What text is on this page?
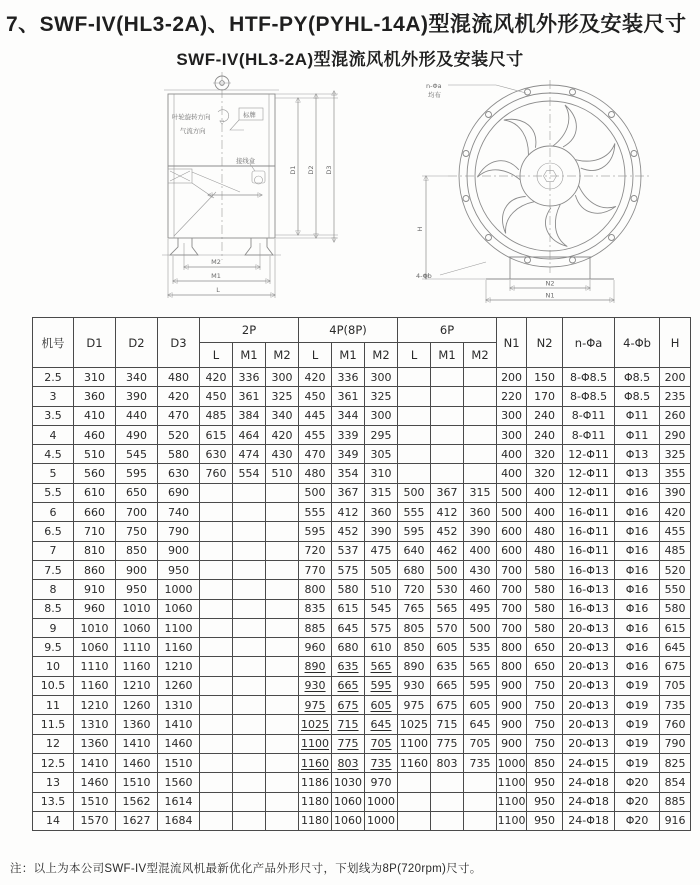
7、SWF-IV(HL3-2A)、HTF-PY(PYHL-14A)型混流风机外形及安装尺寸
SWF-IV(HL3-2A)型混流风机外形及安装尺寸
叶轮旋转方向	标牌
气流方向
接线盒
M2
M1
L
D1 D2 D3
H
N2
N1
n-Φa
均布
4-Φb
机号	D1	D2	D3	2P			4P(8P)			6P			N1	N2	n-Φa	4-Φb	H
				L	M1	M2	L	M1	M2	L	M1	M2					
2.5	310	340	480	420	336	300	420	336	300				200	150	8-Φ8.5	Φ8.5	200
3	360	390	420	450	361	325	450	361	325				220	170	8-Φ8.5	Φ8.5	235
3.5	410	440	470	485	384	340	445	344	300				300	240	8-Φ11	Φ11	260
4	460	490	520	615	464	420	455	339	295				300	240	8-Φ11	Φ11	290
4.5	510	545	580	630	474	430	470	349	305				400	320	12-Φ11	Φ13	325
5	560	595	630	760	554	510	480	354	310				400	320	12-Φ11	Φ13	355
5.5	610	650	690				500	367	315	500	367	315	500	400	12-Φ11	Φ16	390
6	660	700	740				555	412	360	555	412	360	500	400	16-Φ11	Φ16	420
6.5	710	750	790				595	452	390	595	452	390	600	480	16-Φ11	Φ16	455
7	810	850	900				720	537	475	640	462	400	600	480	16-Φ11	Φ16	485
7.5	860	900	950				770	575	505	680	500	430	700	580	16-Φ13	Φ16	520
8	910	950	1000				800	580	510	720	530	460	700	580	16-Φ13	Φ16	550
8.5	960	1010	1060				835	615	545	765	565	495	700	580	16-Φ13	Φ16	580
9	1010	1060	1100				885	645	575	805	570	500	700	580	20-Φ13	Φ16	615
9.5	1060	1110	1160				960	680	610	850	605	535	800	650	20-Φ13	Φ16	645
10	1110	1160	1210				890	635	565	890	635	565	800	650	20-Φ13	Φ16	675
10.5	1160	1210	1260				930	665	595	930	665	595	900	750	20-Φ13	Φ19	705
11	1210	1260	1310				975	675	605	975	675	605	900	750	20-Φ13	Φ19	735
11.5	1310	1360	1410				1025	715	645	1025	715	645	900	750	20-Φ13	Φ19	760
12	1360	1410	1460				1100	775	705	1100	775	705	900	750	20-Φ13	Φ19	790
12.5	1410	1460	1510				1160	803	735	1160	803	735	1000	850	24-Φ15	Φ19	825
13	1460	1510	1560				1186	1030	970				1100	950	24-Φ18	Φ20	854
13.5	1510	1562	1614				1180	1060	1000				1100	950	24-Φ18	Φ20	885
14	1570	1627	1684				1180	1060	1000				1100	950	24-Φ18	Φ20	916
注：以上为本公司SWF-IV型混流风机最新优化产品外形尺寸，下划线为8P(720rpm)尺寸。
